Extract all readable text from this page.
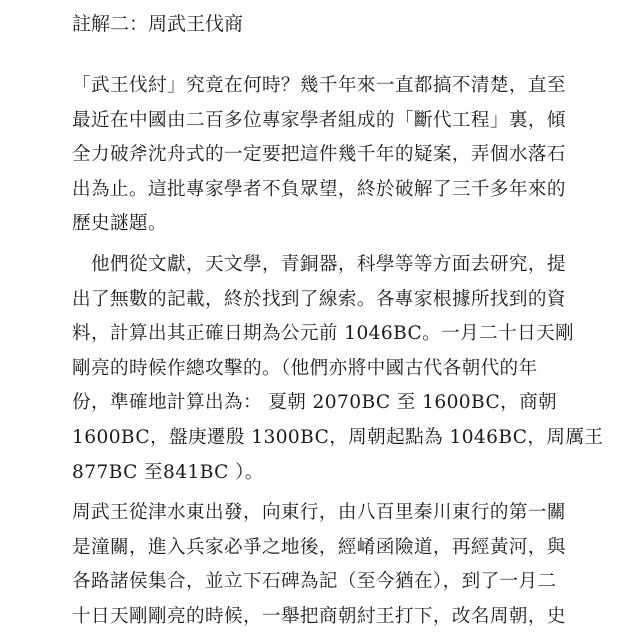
註解二：周武王伐商
「武王伐紂」究竟在何時？幾千年來一直都搞不清楚，直至
最近在中國由二百多位專家學者組成的「斷代工程」裏，傾
全力破斧沈舟式的一定要把這件幾千年的疑案，弄個水落石
出為止。這批專家學者不負眾望，終於破解了三千多年來的
歷史謎題。
　他們從文獻，天文學，青銅器，科學等等方面去研究，提
出了無數的記載，終於找到了線索。各專家根據所找到的資
料，計算出其正確日期為公元前 1046BC。一月二十日天剛
剛亮的時候作總攻擊的。（他們亦將中國古代各朝代的年
份，準確地計算出為： 夏朝 2070BC 至 1600BC，商朝
1600BC，盤庚遷殷 1300BC，周朝起點為 1046BC，周厲王
877BC 至841BC ）。
周武王從津水東出發，向東行，由八百里秦川東行的第一關
是潼關，進入兵家必爭之地後，經崤函險道，再經黃河，與
各路諸侯集合，並立下石碑為記（至今猶在），到了一月二
十日天剛剛亮的時候，一舉把商朝紂王打下，改名周朝，史
